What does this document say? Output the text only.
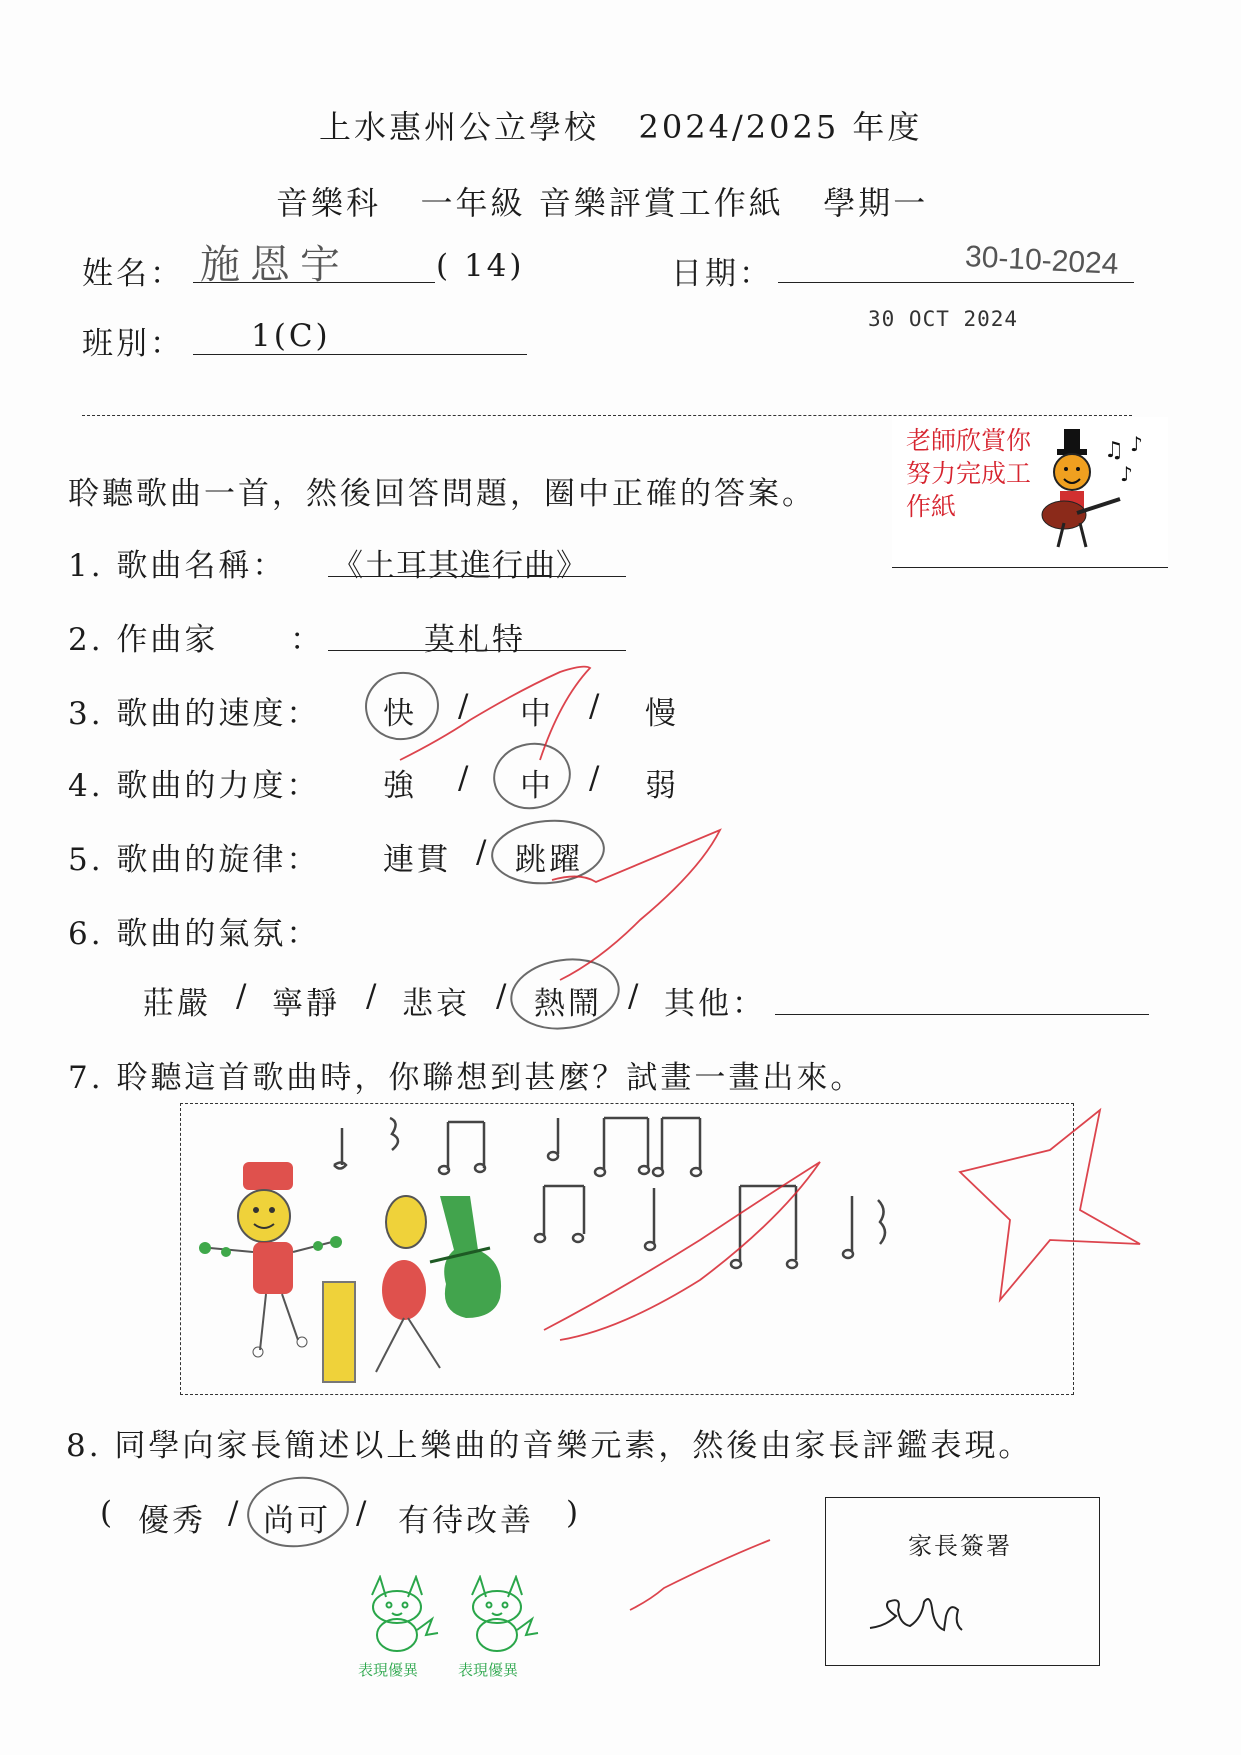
上水惠州公立學校 2024/2025 年度
音樂科 一年級 音樂評賞工作紙 學期一
姓名： 施恩宇	( 14)	日期：	30-10-2024
30 OCT 2024
班別： 1(C)
老師欣賞你努力完成工作紙
♫ ♪
♪
聆聽歌曲一首，然後回答問題，圈中正確的答案。
1. 歌曲名稱： 《土耳其進行曲》
2. 作曲家 ：	莫札特
3. 歌曲的速度： 快 / 中 / 慢
4. 歌曲的力度： 強 / 中 / 弱
5. 歌曲的旋律： 連貫 / 跳躍
6. 歌曲的氣氛：
莊嚴 / 寧靜 / 悲哀 / 熱鬧 / 其他：
7. 聆聽這首歌曲時，你聯想到甚麼？試畫一畫出來。
8. 同學向家長簡述以上樂曲的音樂元素，然後由家長評鑑表現。
( 優秀 / 尚可 / 有待改善 )
家長簽署
表現優異	表現優異
